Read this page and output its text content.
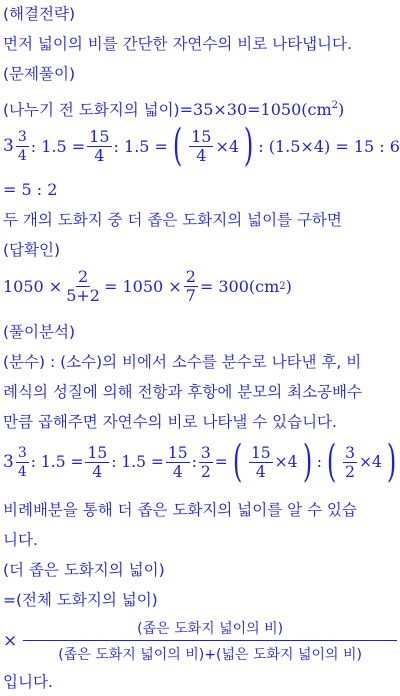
(해결전략)
먼저 넓이의 비를 간단한 자연수의 비로 나타냅니다.
(문제풀이)
(나누기 전 도화지의 넓이)$=35\times 30=1050(cm^2)$
$3 \frac{3}{4}$ : $1.5 = \frac{15}{4}$ : 1.5 = ( $\frac{15}{4} \times 4$ ) : (1.5×4) = 15 : 6
= 5 : 2
두 개의 도화지 중 더 좁은 도화지의 넓이를 구하면
(답확인)
$1050 \times \frac{2}{5+2} = 1050 \times \frac{2}{7} = 300(cm$ 2 )
(풀이분석)
(분수) : (소수)의 비에서 소수를 분수로 나타낸 후, 비
례식의 성질에 의해 전항과 후항에 분모의 최소공배수
만큼 곱해주면 자연수의 비로 나타낼 수 있습니다.
$3 \frac{3}{4}$ : $1.5 = \frac{15}{4}$ : $1.5 = \frac{15}{4}$ : $\frac{3}{2}$ = ( $\frac{15}{4} \times 4$ ) : ( $\frac{3}{2} \times 4$ )
비례배분을 통해 더 좁은 도화지의 넓이를 알 수 있습
니다.
(더 좁은 도화지의 넓이)
=(전체 도화지의 넓이)
×
(좁은 도화지 넓이의 비)
(좁은 도화지 넓이의 비)+(넓은 도화지 넓이의 비)
입니다.
